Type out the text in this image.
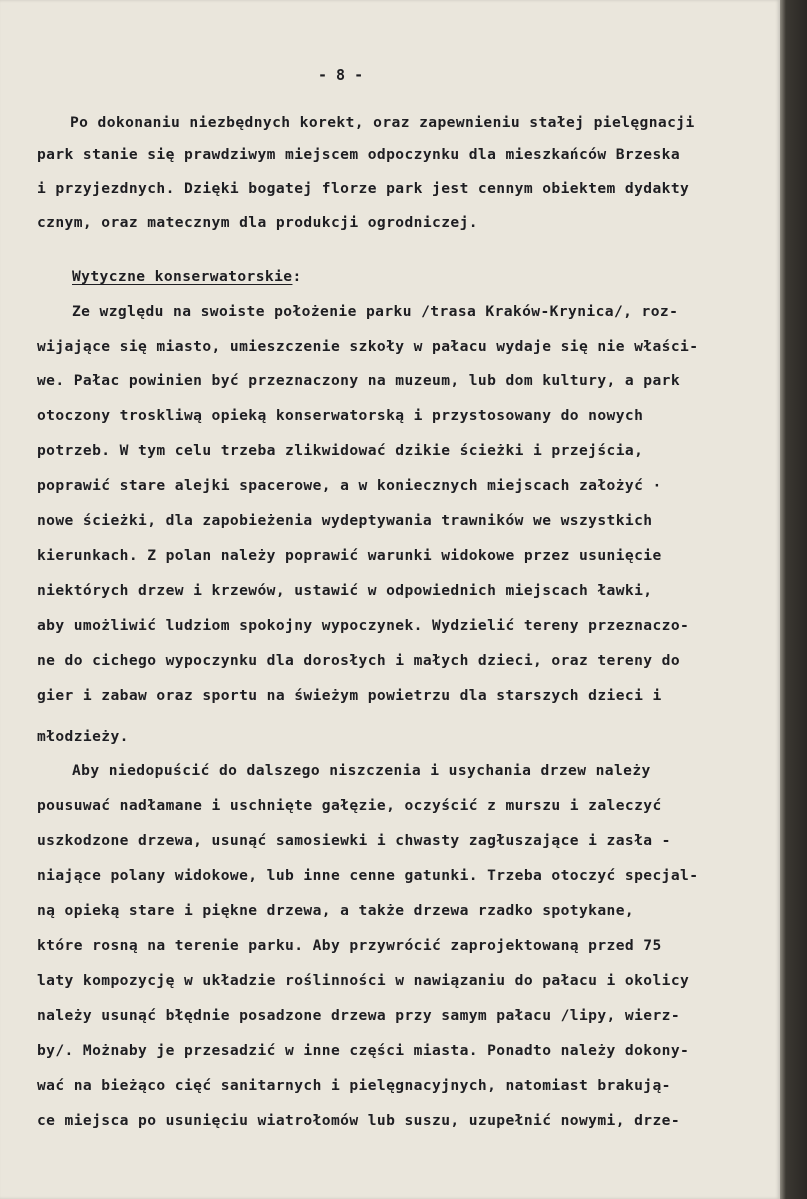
- 8 -
Po dokonaniu niezbędnych korekt, oraz zapewnieniu stałej pielęgnacji
park stanie się prawdziwym miejscem odpoczynku dla mieszkańców Brzeska
i przyjezdnych. Dzięki bogatej florze park jest cennym obiektem dydakty
cznym, oraz matecznym dla produkcji ogrodniczej.
Wytyczne konserwatorskie:
Ze względu na swoiste położenie parku /trasa Kraków-Krynica/, roz-
wijające się miasto, umieszczenie szkoły w pałacu wydaje się nie właści-
we. Pałac powinien być przeznaczony na muzeum, lub dom kultury, a park
otoczony troskliwą opieką konserwatorską i przystosowany do nowych
potrzeb. W tym celu trzeba zlikwidować dzikie ścieżki i przejścia,
poprawić stare alejki spacerowe, a w koniecznych miejscach założyć ·
nowe ścieżki, dla zapobieżenia wydeptywania trawników we wszystkich
kierunkach. Z polan należy poprawić warunki widokowe przez usunięcie
niektórych drzew i krzewów, ustawić w odpowiednich miejscach ławki,
aby umożliwić ludziom spokojny wypoczynek. Wydzielić tereny przeznaczo-
ne do cichego wypoczynku dla dorosłych i małych dzieci, oraz tereny do
gier i zabaw oraz sportu na świeżym powietrzu dla starszych dzieci i
młodzieży.
Aby niedopuścić do dalszego niszczenia i usychania drzew należy
pousuwać nadłamane i uschnięte gałęzie, oczyścić z murszu i zaleczyć
uszkodzone drzewa, usunąć samosiewki i chwasty zagłuszające i zasła -
niające polany widokowe, lub inne cenne gatunki. Trzeba otoczyć specjal-
ną opieką stare i piękne drzewa, a także drzewa rzadko spotykane,
które rosną na terenie parku. Aby przywrócić zaprojektowaną przed 75
laty kompozycję w układzie roślinności w nawiązaniu do pałacu i okolicy
należy usunąć błędnie posadzone drzewa przy samym pałacu /lipy, wierz-
by/. Możnaby je przesadzić w inne części miasta. Ponadto należy dokony-
wać na bieżąco cięć sanitarnych i pielęgnacyjnych, natomiast brakują-
ce miejsca po usunięciu wiatrołomów lub suszu, uzupełnić nowymi, drze-
